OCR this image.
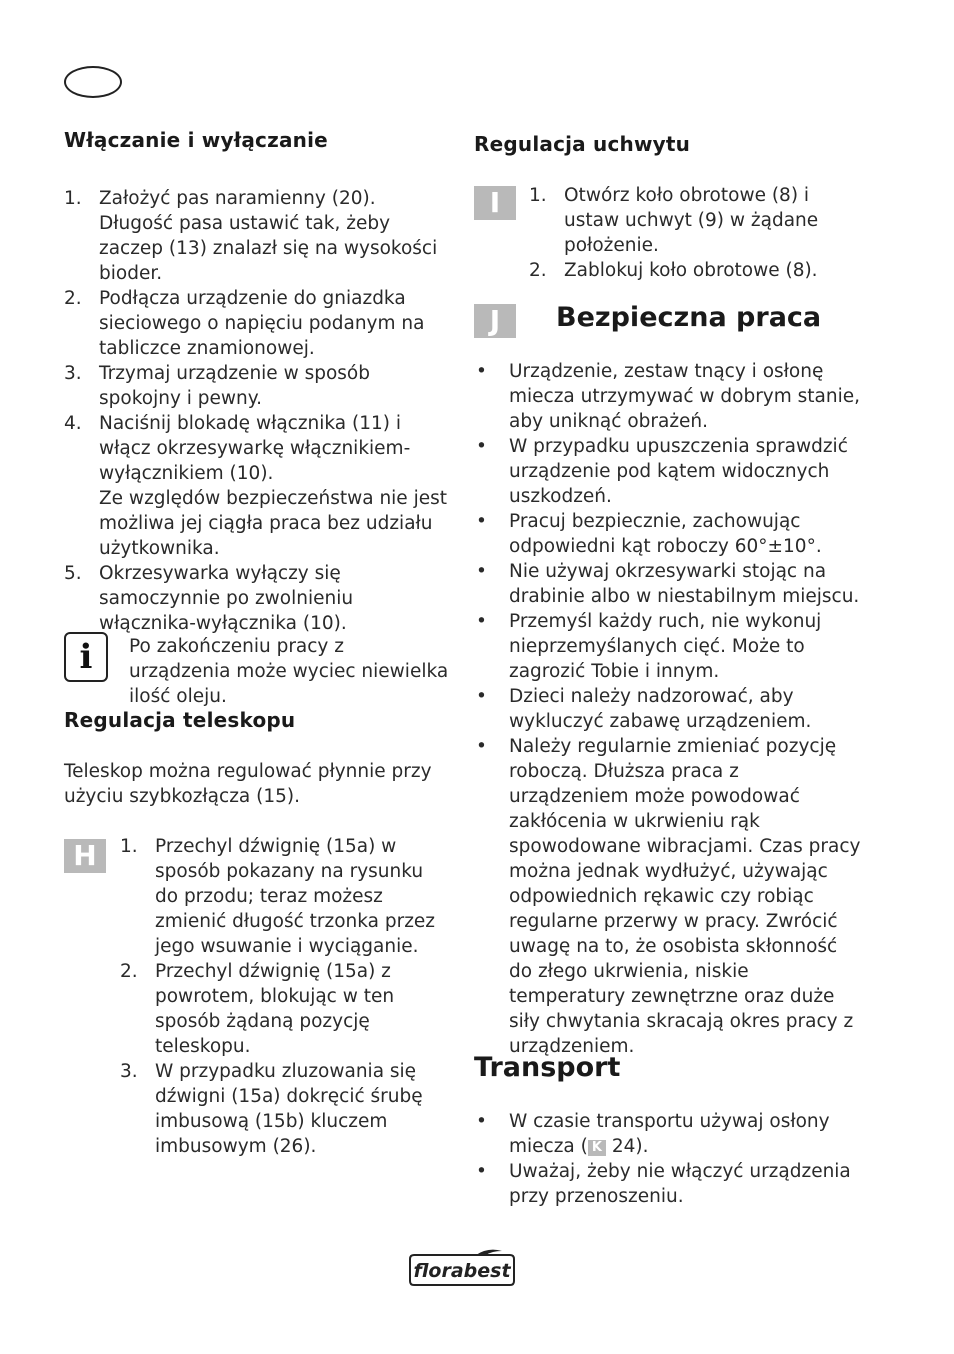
Włączanie i wyłączanie
1. Założyć pas naramienny (20). Długość pasa ustawić tak, żeby zaczep (13) znalazł się na wysokości bioder.
2. Podłącza urządzenie do gniazdka sieciowego o napięciu podanym na tabliczce znamionowej.
3. Trzymaj urządzenie w sposób spokojny i pewny.
4. Naciśnij blokadę włącznika (11) i włącz okrzesywarkę włącznikiem-wyłącznikiem (10).
Ze względów bezpieczeństwa nie jest możliwa jej ciągła praca bez udziału użytkownika.
5. Okrzesywarka wyłączy się samoczynnie po zwolnieniu włącznika-wyłącznika (10).
i	Po zakończeniu pracy z urządzenia może wyciec niewielka ilość oleju.

Regulacja teleskopu

Teleskop można regulować płynnie przy użyciu szybkozłącza (15).

H	1. Przechyl dźwignię (15a) w sposób pokazany na rysunku do przodu; teraz możesz zmienić długość trzonka przez jego wsuwanie i wyciąganie.
2. Przechyl dźwignię (15a) z powrotem, blokując w ten sposób żądaną pozycję teleskopu.
3. W przypadku zluzowania się dźwigni (15a) dokręcić śrubę imbusową (15b) kluczem imbusowym (26).
Regulacja uchwytu
I	1. Otwórz koło obrotowe (8) i ustaw uchwyt (9) w żądane położenie.
2. Zablokuj koło obrotowe (8).
J	Bezpieczna praca
• Urządzenie, zestaw tnący i osłonę miecza utrzymywać w dobrym stanie, aby uniknąć obrażeń.
• W przypadku upuszczenia sprawdzić urządzenie pod kątem widocznych uszkodzeń.
• Pracuj bezpiecznie, zachowując odpowiedni kąt roboczy 60°±10°.
• Nie używaj okrzesywarki stojąc na drabinie albo w niestabilnym miejscu.
• Przemyśl każdy ruch, nie wykonuj nieprzemyślanych cięć. Może to zagrozić Tobie i innym.
• Dzieci należy nadzorować, aby wykluczyć zabawę urządzeniem.
• Należy regularnie zmieniać pozycję roboczą. Dłuższa praca z urządzeniem może powodować zakłócenia w ukrwieniu rąk spowodowane wibracjami. Czas pracy można jednak wydłużyć, używając odpowiednich rękawic czy robiąc regularne przerwy w pracy. Zwrócić uwagę na to, że osobista skłonność do złego ukrwienia, niskie temperatury zewnętrzne oraz duże siły chwytania skracają okres pracy z urządzeniem.
Transport
• W czasie transportu używaj osłony miecza ( K 24).
• Uważaj, żeby nie włączyć urządzenia przy przenoszeniu.
florabest
